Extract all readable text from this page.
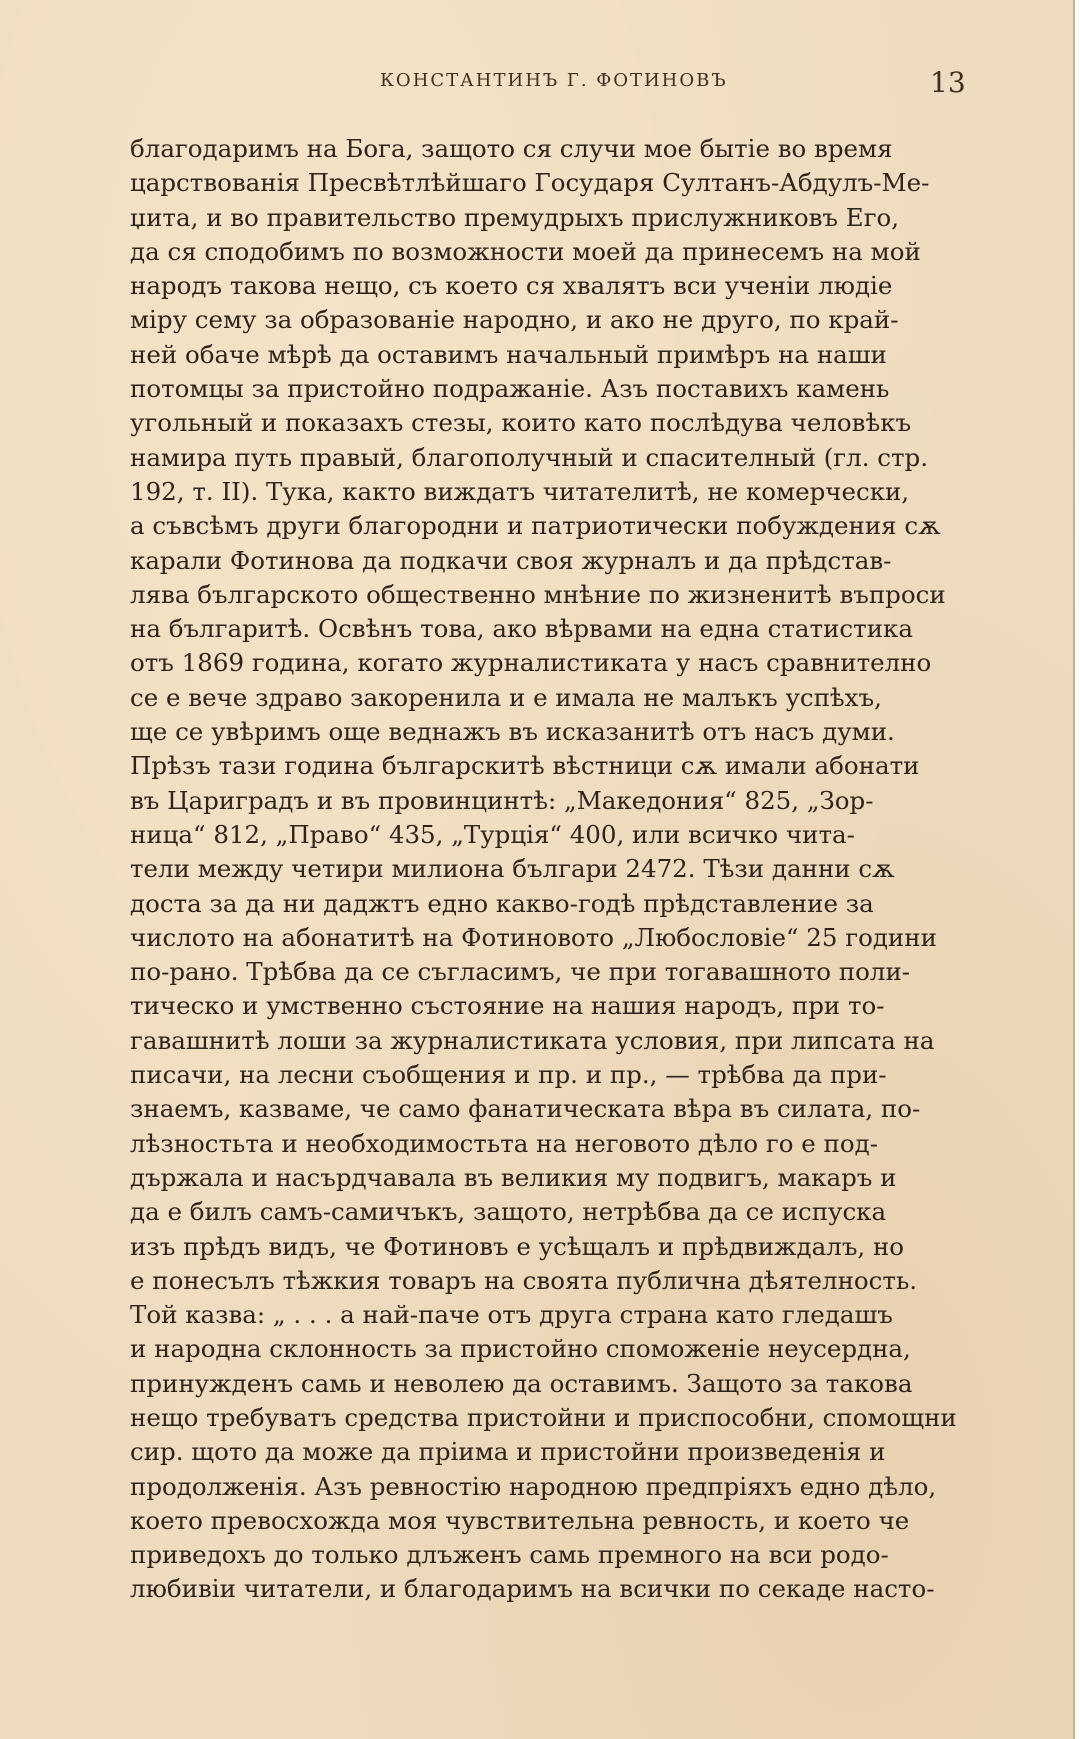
КОНСТАНТИНЪ Г. ФОТИНОВЪ	13
благодаримъ на Бога, защото ся случи мое бытіе во время
царствованія Пресвѣтлѣйшаго Государя Султанъ-Абдулъ-Ме-
џита, и во правительство премудрыхъ прислужниковъ Его,
да ся сподобимъ по возможности моей да принесемъ на мой
народъ такова нещо, съ което ся хвалятъ вси ученіи людіе
міру сему за образованіе народно, и ако не друго, по край-
ней обаче мѣрѣ да оставимъ начальный примѣръ на наши
потомцы за пристойно подражаніе. Азъ поставихъ камень
угольный и показахъ стезы, които като послѣдува человѣкъ
намира путь правый, благополучный и спасителный (гл. стр.
192, т. II). Тука, както виждатъ читателитѣ, не комерчески,
а съвсѣмъ други благородни и патриотически побуждения сѫ
карали Фотинова да подкачи своя журналъ и да прѣдстав-
лява българското общественно мнѣние по жизненитѣ въпроси
на българитѣ. Освѣнъ това, ако вѣрвами на една статистика
отъ 1869 година, когато журналистиката у насъ сравнително
се е вече здраво закоренила и е имала не малъкъ успѣхъ,
ще се увѣримъ още веднажъ въ исказанитѣ отъ насъ думи.
Прѣзъ тази година българскитѣ вѣстници сѫ имали абонати
въ Цариградъ и въ провинцинтѣ: „Македония“ 825, „Зор-
ница“ 812, „Право“ 435, „Турція“ 400, или всичко чита-
тели между четири милиона българи 2472. Тѣзи данни сѫ
доста за да ни даджтъ едно какво-годѣ прѣдставление за
числото на абонатитѣ на Фотиновото „Любословіе“ 25 години
по-рано. Трѣбва да се съгласимъ, че при тогавашното поли-
тическо и умственно състояние на нашия народъ, при то-
гавашнитѣ лоши за журналистиката условия, при липсата на
писачи, на лесни съобщения и пр. и пр., — трѣбва да при-
знаемъ, казваме, че само фанатическата вѣра въ силата, по-
лѣзностьта и необходимостьта на неговото дѣло го е под-
държала и насърдчавала въ великия му подвигъ, макаръ и
да е билъ самъ-самичъкъ, защото, нетрѣбва да се испуска
изъ прѣдъ видъ, че Фотиновъ е усѣщалъ и прѣдвиждалъ, но
е понесълъ тѣжкия товаръ на своята публична дѣятелность.
Той казва: „ . . . а най-паче отъ друга страна като гледашъ
и народна склонность за пристойно споможеніе неусердна,
принужденъ самь и неволею да оставимъ. Защото за такова
нещо требуватъ средства пристойни и приспособни, спомощни
сир. щото да може да пріима и пристойни произведенія и
продолженія. Азъ ревностію народною предпріяхъ едно дѣло,
което превосхожда моя чувствительна ревность, и което че
приведохъ до только длъженъ самь премного на вси родо-
любивіи читатели, и благодаримъ на всички по секаде насто-
